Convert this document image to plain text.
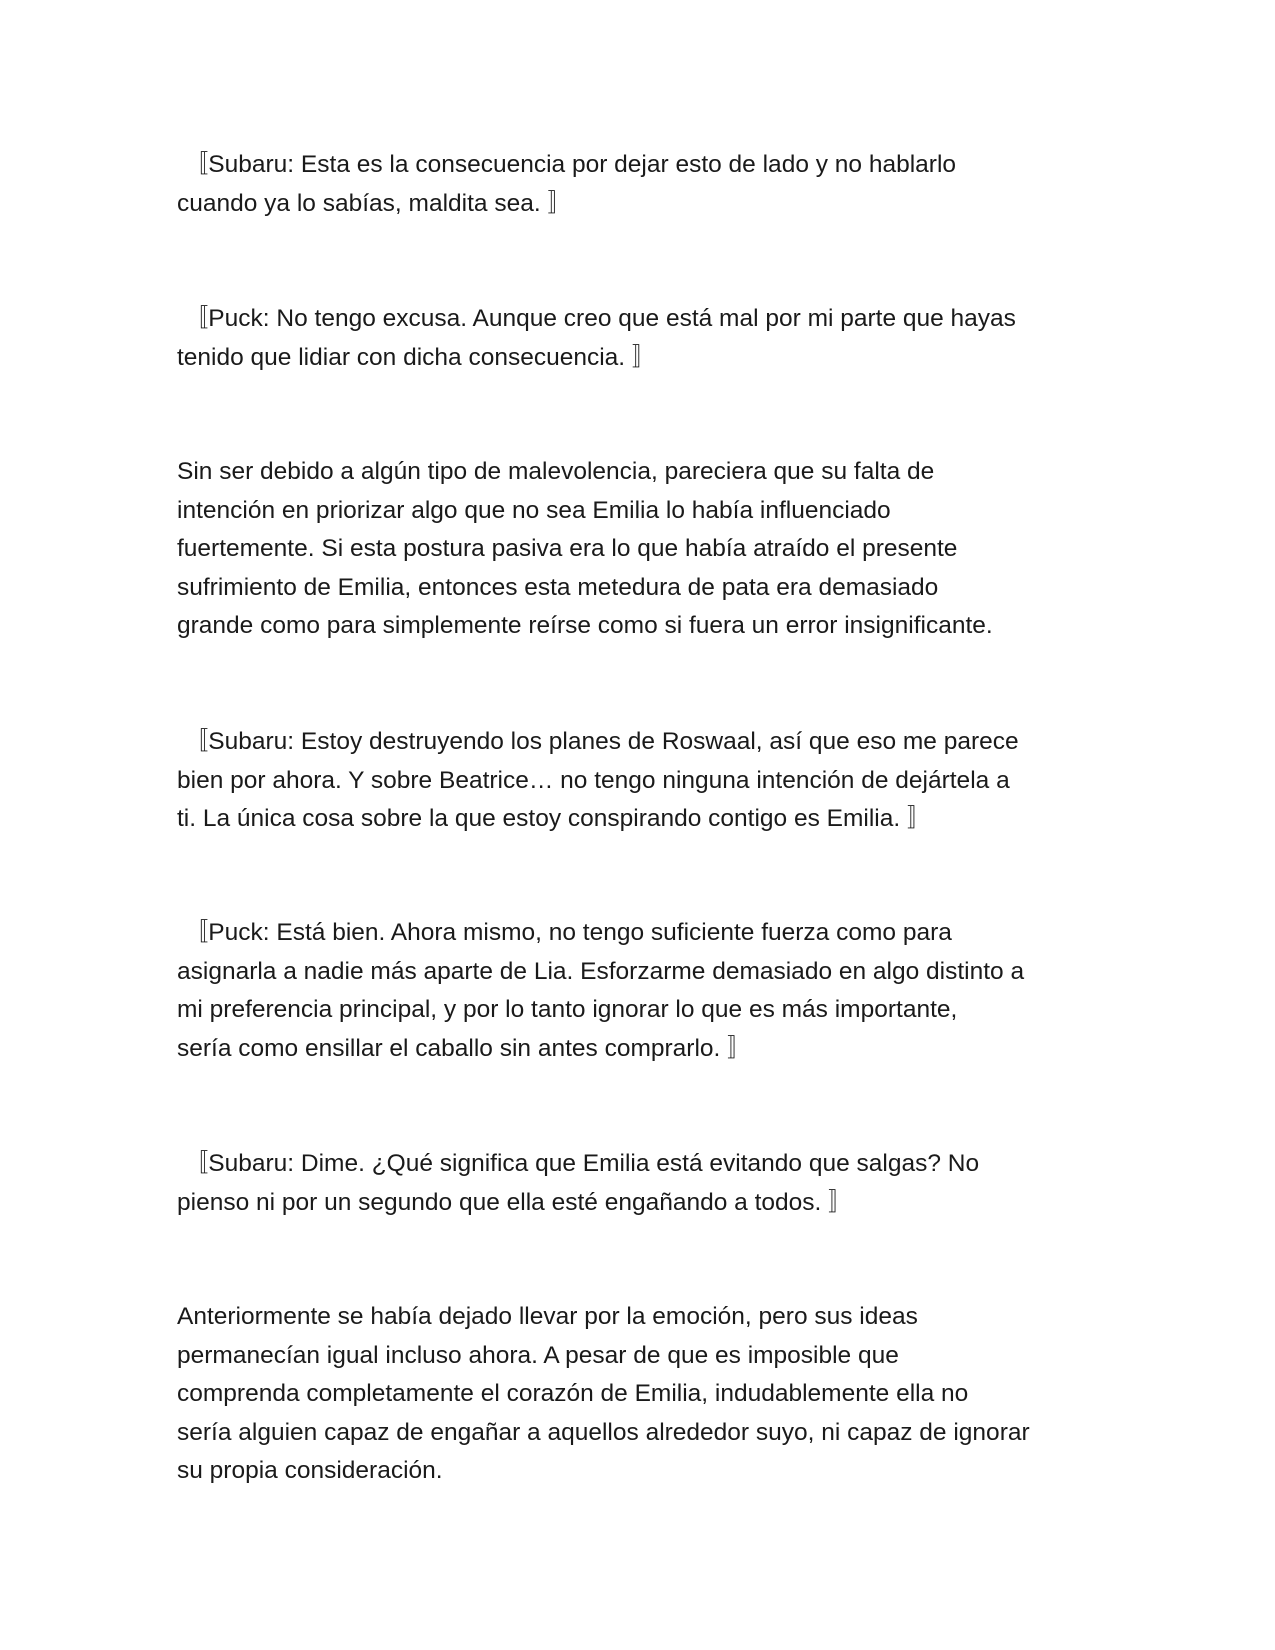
〚Subaru: Esta es la consecuencia por dejar esto de lado y no hablarlo
cuando ya lo sabías, maldita sea. 〛

〚Puck: No tengo excusa. Aunque creo que está mal por mi parte que hayas
tenido que lidiar con dicha consecuencia. 〛

Sin ser debido a algún tipo de malevolencia, pareciera que su falta de
intención en priorizar algo que no sea Emilia lo había influenciado
fuertemente. Si esta postura pasiva era lo que había atraído el presente
sufrimiento de Emilia, entonces esta metedura de pata era demasiado
grande como para simplemente reírse como si fuera un error insignificante.

〚Subaru: Estoy destruyendo los planes de Roswaal, así que eso me parece
bien por ahora. Y sobre Beatrice… no tengo ninguna intención de dejártela a
ti. La única cosa sobre la que estoy conspirando contigo es Emilia. 〛

〚Puck: Está bien. Ahora mismo, no tengo suficiente fuerza como para
asignarla a nadie más aparte de Lia. Esforzarme demasiado en algo distinto a
mi preferencia principal, y por lo tanto ignorar lo que es más importante,
sería como ensillar el caballo sin antes comprarlo. 〛

〚Subaru: Dime. ¿Qué significa que Emilia está evitando que salgas? No
pienso ni por un segundo que ella esté engañando a todos. 〛

Anteriormente se había dejado llevar por la emoción, pero sus ideas
permanecían igual incluso ahora. A pesar de que es imposible que
comprenda completamente el corazón de Emilia, indudablemente ella no
sería alguien capaz de engañar a aquellos alrededor suyo, ni capaz de ignorar
su propia consideración.
